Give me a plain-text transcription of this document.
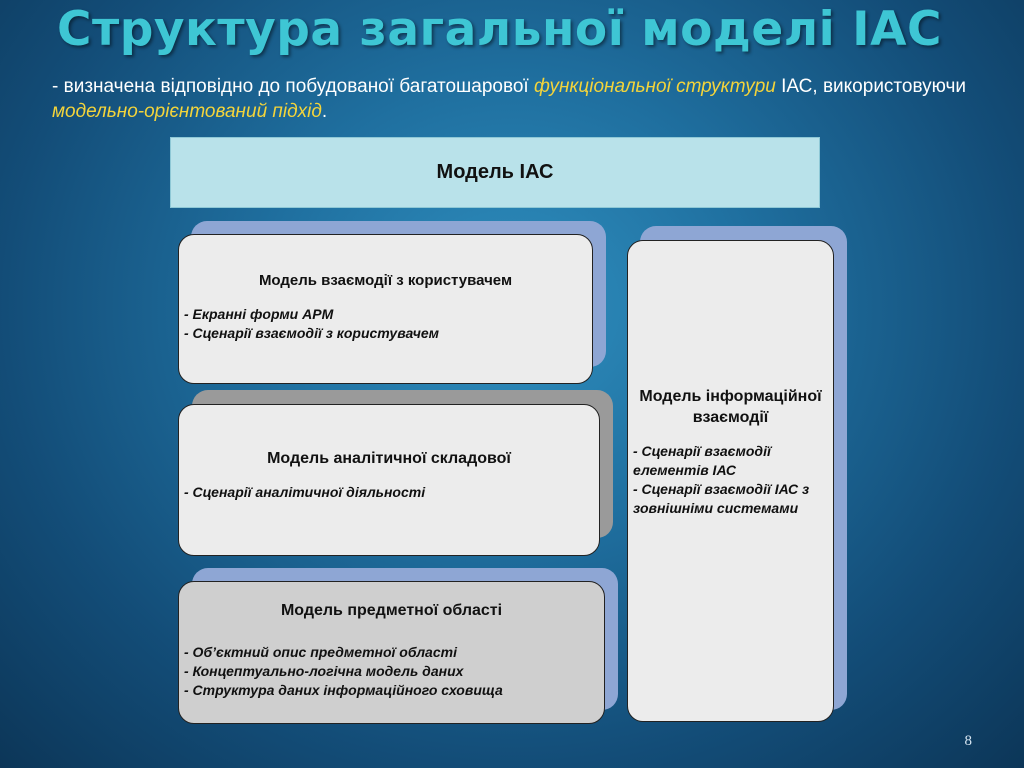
Структура загальної моделі ІАС
- визначена відповідно до побудованої багатошарової функціональної структури ІАС, використовуючи модельно-орієнтований підхід.
Модель ІАС
Модель взаємодії з користувачем
- Екранні форми АРМ
- Сценарії взаємодії з користувачем
Модель аналітичної складової
- Сценарії аналітичної діяльності
Модель предметної області
- Об’єктний опис предметної області
- Концептуально-логічна модель даних
- Структура даних інформаційного сховища
Модель інформаційної взаємодії
- Сценарії взаємодії елементів ІАС
- Сценарії взаємодії ІАС з зовнішніми системами
8
